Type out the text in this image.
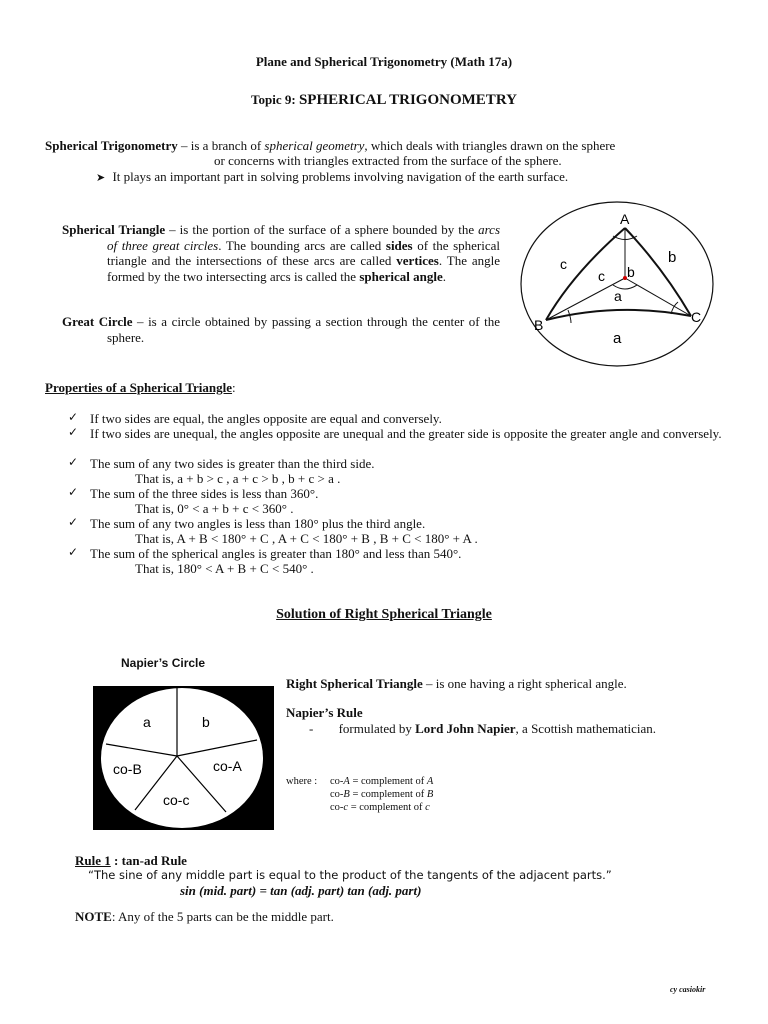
Plane and Spherical Trigonometry (Math 17a)
Topic 9: SPHERICAL TRIGONOMETRY
Spherical Trigonometry – is a branch of spherical geometry, which deals with triangles drawn on the sphere
or concerns with triangles extracted from the surface of the sphere.
➤ It plays an important part in solving problems involving navigation of the earth surface.
Spherical Triangle – is the portion of the surface of a sphere bounded by the arcs of three great circles. The bounding arcs are called sides of the spherical triangle and the intersections of these arcs are called vertices. The angle formed by the two intersecting arcs is called the spherical angle.
Great Circle – is a circle obtained by passing a section through the center of the sphere.
A
B	C
c	b
a
c b
a
Properties of a Spherical Triangle:
✓ If two sides are equal, the angles opposite are equal and conversely.
✓ If two sides are unequal, the angles opposite are unequal and the greater side is opposite the greater angle and conversely.
✓ The sum of any two sides is greater than the third side.
That is, a + b > c , a + c > b , b + c > a .
✓ The sum of the three sides is less than 360°.
That is, 0° < a + b + c < 360° .
✓ The sum of any two angles is less than 180° plus the third angle.
That is, A + B < 180° + C , A + C < 180° + B , B + C < 180° + A .
✓ The sum of the spherical angles is greater than 180° and less than 540°.
That is, 180° < A + B + C < 540° .
Solution of Right Spherical Triangle
Napier’s Circle
a	b
co-B	co-A
co-c
Right Spherical Triangle – is one having a right spherical angle.
Napier’s Rule
- formulated by Lord John Napier, a Scottish mathematician.
where : co-A = complement of A
co-B = complement of B
co-c = complement of c
Rule 1 : tan-ad Rule
“The sine of any middle part is equal to the product of the tangents of the adjacent parts.”
sin (mid. part) = tan (adj. part) tan (adj. part)
NOTE: Any of the 5 parts can be the middle part.
cy casiokir
